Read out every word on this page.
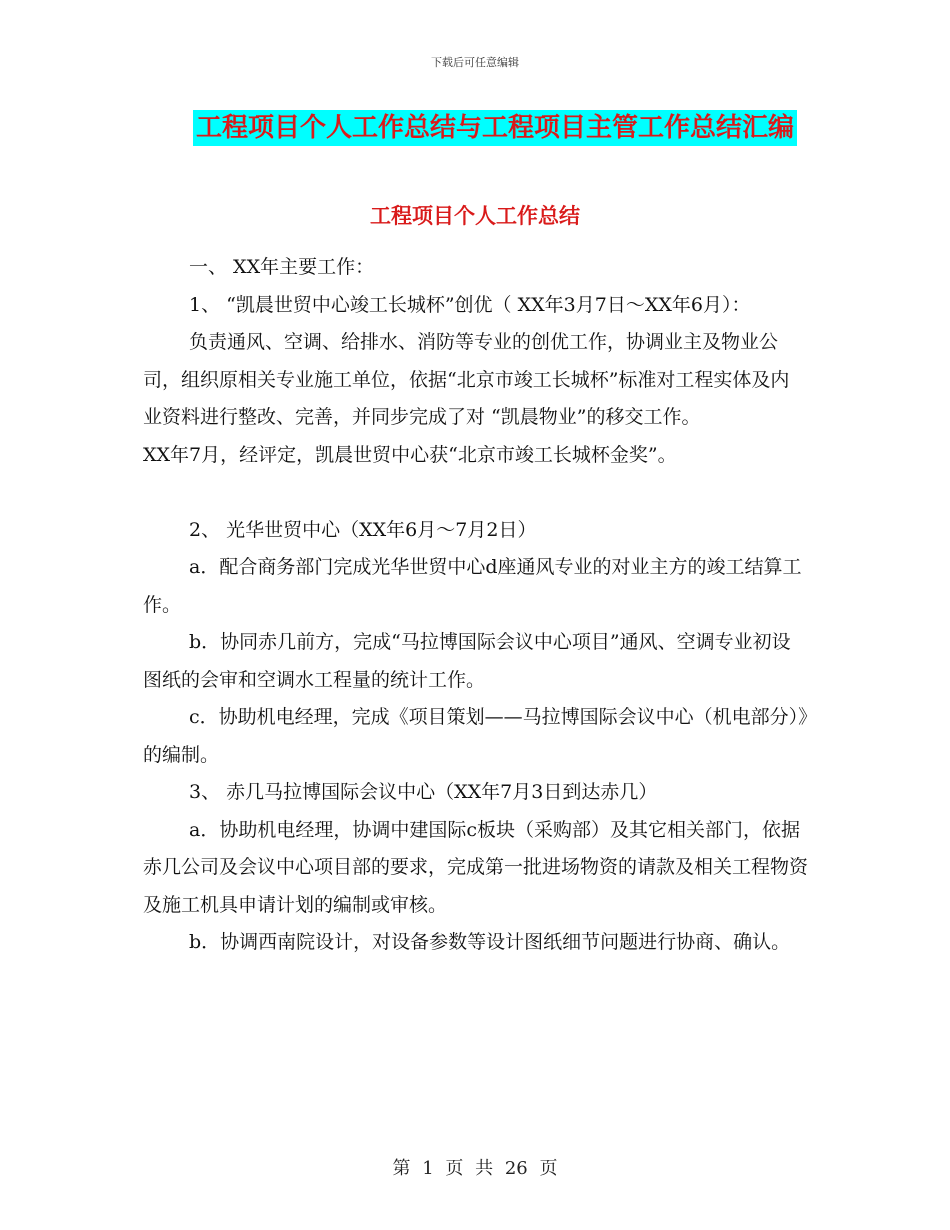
下载后可任意编辑
工程项目个人工作总结与工程项目主管工作总结汇编
工程项目个人工作总结

一、 XX年主要工作：

1、 “凯晨世贸中心竣工长城杯”创优（ XX年3月7日～XX年6月）：

负责通风、空调、给排水、消防等专业的创优工作，协调业主及物业公司，组织原相关专业施工单位，依据“北京市竣工长城杯”标准对工程实体及内业资料进行整改、完善，并同步完成了对 “凯晨物业”的移交工作。

XX年7月，经评定，凯晨世贸中心获“北京市竣工长城杯金奖”。

2、 光华世贸中心（XX年6月～7月2日）

a．配合商务部门完成光华世贸中心d座通风专业的对业主方的竣工结算工作。

b．协同赤几前方，完成“马拉博国际会议中心项目”通风、空调专业初设图纸的会审和空调水工程量的统计工作。

c．协助机电经理，完成《项目策划——马拉博国际会议中心（机电部分）》的编制。

3、 赤几马拉博国际会议中心（XX年7月3日到达赤几）

a．协助机电经理，协调中建国际c板块（采购部）及其它相关部门，依据赤几公司及会议中心项目部的要求，完成第一批进场物资的请款及相关工程物资及施工机具申请计划的编制或审核。

b．协调西南院设计，对设备参数等设计图纸细节问题进行协商、确认。

第 1 页 共 26 页
